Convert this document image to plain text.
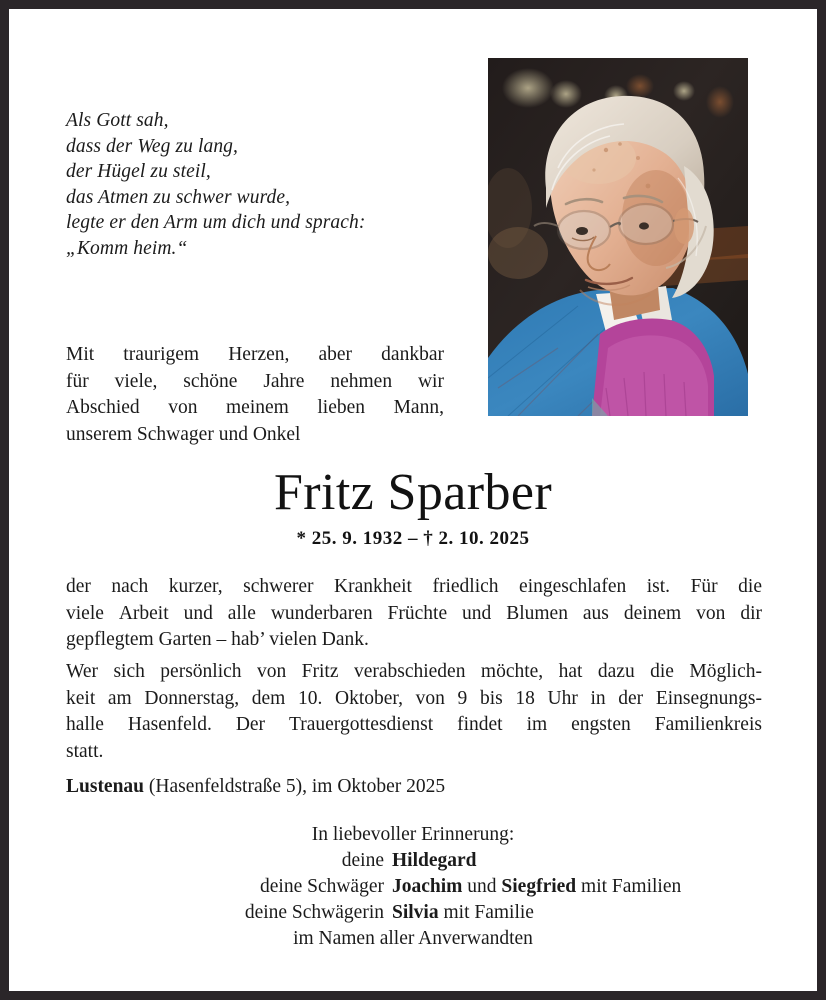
Als Gott sah,
dass der Weg zu lang,
der Hügel zu steil,
das Atmen zu schwer wurde,
legte er den Arm um dich und sprach:
„Komm heim.“
Mit traurigem Herzen, aber dankbar
für viele, schöne Jahre nehmen wir
Abschied von meinem lieben Mann,
unserem Schwager und Onkel
Fritz Sparber
* 25. 9. 1932 – † 2. 10. 2025
der nach kurzer, schwerer Krankheit friedlich eingeschlafen ist. Für die
viele Arbeit und alle wunderbaren Früchte und Blumen aus deinem von dir
gepflegtem Garten – hab’ vielen Dank.
Wer sich persönlich von Fritz verabschieden möchte, hat dazu die Möglich-
keit am Donnerstag, dem 10. Oktober, von 9 bis 18 Uhr in der Einsegnungs-
halle Hasenfeld. Der Trauergottesdienst findet im engsten Familienkreis
statt.
Lustenau (Hasenfeldstraße 5), im Oktober 2025
In liebevoller Erinnerung:
deine Hildegard
deine Schwäger Joachim und Siegfried mit Familien
deine Schwägerin Silvia mit Familie
im Namen aller Anverwandten
